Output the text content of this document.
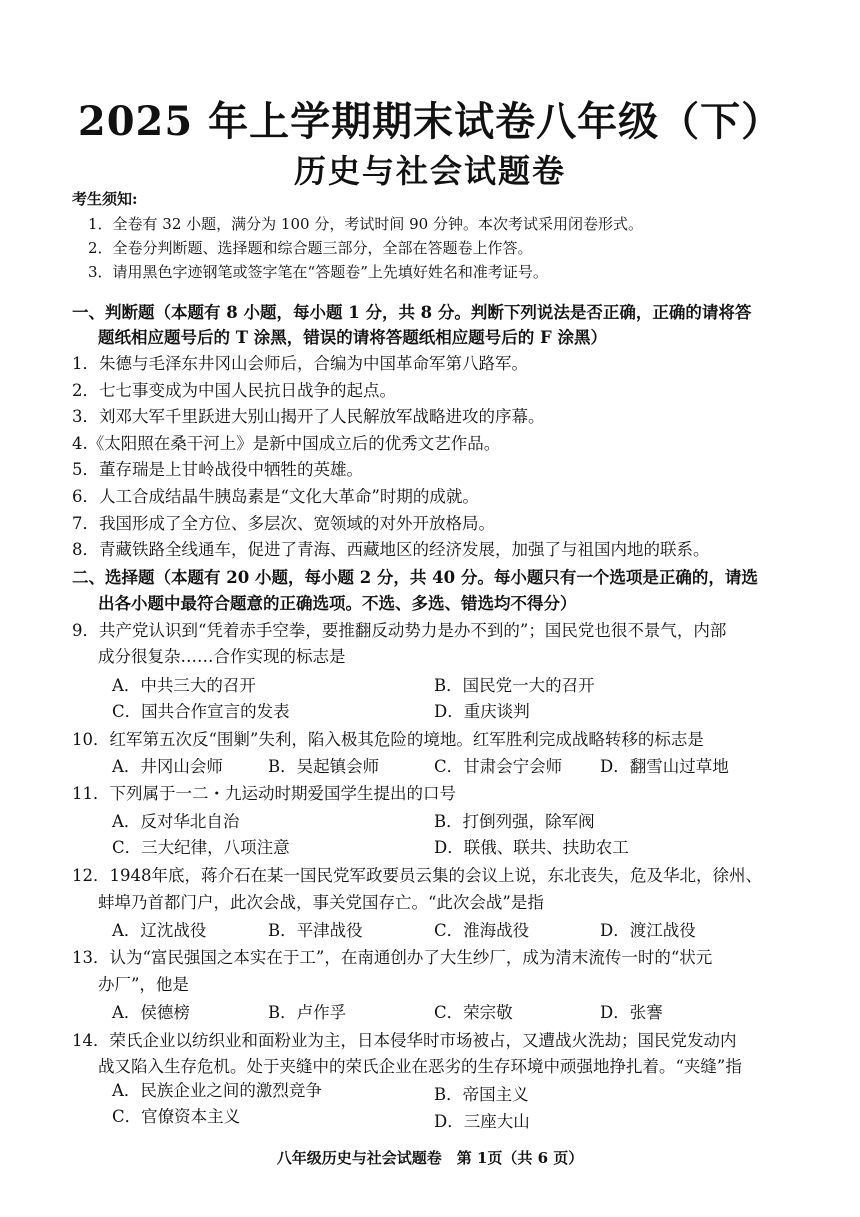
2025 年上学期期末试卷八年级（下）
历史与社会试题卷
考生须知:
1．全卷有 32 小题，满分为 100 分，考试时间 90 分钟。本次考试采用闭卷形式。
2．全卷分判断题、选择题和综合题三部分，全部在答题卷上作答。
3．请用黑色字迹钢笔或签字笔在“答题卷”上先填好姓名和准考证号。
一、判断题（本题有 8 小题，每小题 1 分，共 8 分。判断下列说法是否正确，正确的请将答
题纸相应题号后的 T 涂黑，错误的请将答题纸相应题号后的 F 涂黑）
1．朱德与毛泽东井冈山会师后，合编为中国革命军第八路军。
2．七七事变成为中国人民抗日战争的起点。
3．刘邓大军千里跃进大别山揭开了人民解放军战略进攻的序幕。
4.《太阳照在桑干河上》是新中国成立后的优秀文艺作品。
5．董存瑞是上甘岭战役中牺牲的英雄。
6．人工合成结晶牛胰岛素是“文化大革命”时期的成就。
7．我国形成了全方位、多层次、宽领域的对外开放格局。
8．青藏铁路全线通车，促进了青海、西藏地区的经济发展，加强了与祖国内地的联系。
二、选择题（本题有 20 小题，每小题 2 分，共 40 分。每小题只有一个选项是正确的，请选
出各小题中最符合题意的正确选项。不选、多选、错选均不得分）
9．共产党认识到“凭着赤手空拳，要推翻反动势力是办不到的”；国民党也很不景气，内部
成分很复杂……合作实现的标志是
A．中共三大的召开	B．国民党一大的召开
C．国共合作宣言的发表	D．重庆谈判
10．红军第五次反“围剿”失利，陷入极其危险的境地。红军胜利完成战略转移的标志是
A．井冈山会师	B．吴起镇会师	C．甘肃会宁会师 D．翻雪山过草地
11．下列属于一二・九运动时期爱国学生提出的口号
A．反对华北自治	B．打倒列强，除军阀
C．三大纪律，八项注意	D．联俄、联共、扶助农工
12．1948年底，蒋介石在某一国民党军政要员云集的会议上说，东北丧失，危及华北，徐州、
蚌埠乃首都门户，此次会战，事关党国存亡。“此次会战”是指
A．辽沈战役	B．平津战役	C．淮海战役	D．渡江战役
13．认为“富民强国之本实在于工”，在南通创办了大生纱厂，成为清末流传一时的“状元
办厂”，他是
A．侯德榜	B．卢作孚	C．荣宗敬	D．张謇
14．荣氏企业以纺织业和面粉业为主，日本侵华时市场被占，又遭战火洗劫；国民党发动内
战又陷入生存危机。处于夹缝中的荣氏企业在恶劣的生存环境中顽强地挣扎着。“夹缝”指
A．民族企业之间的激烈竞争	B．帝国主义
C．官僚资本主义	D．三座大山
八年级历史与社会试题卷　第 1页（共 6 页）
